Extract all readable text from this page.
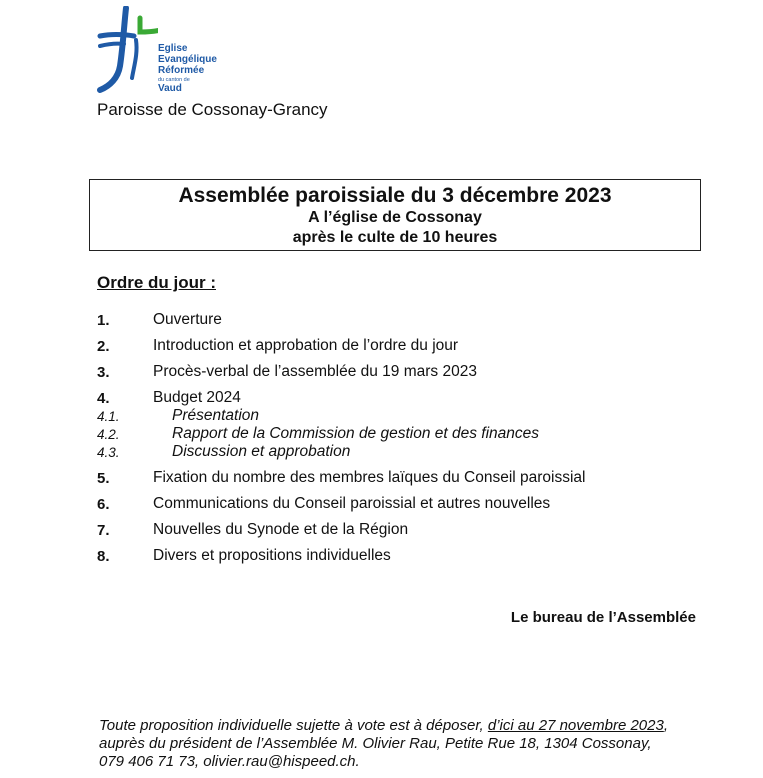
Eglise
Evangélique
Réformée
du canton de
Vaud
Paroisse de Cossonay-Grancy
Assemblée paroissiale du 3 décembre 2023
A l’église de Cossonay
après le culte de 10 heures
Ordre du jour :
1.	Ouverture
2.	Introduction et approbation de l’ordre du jour
3.	Procès-verbal de l’assemblée du 19 mars 2023
4.	Budget 2024
4.1.	Présentation
4.2.	Rapport de la Commission de gestion et des finances
4.3.	Discussion et approbation
5.	Fixation du nombre des membres laïques du Conseil paroissial
6.	Communications du Conseil paroissial et autres nouvelles
7.	Nouvelles du Synode et de la Région
8.	Divers et propositions individuelles
Le bureau de l’Assemblée
Toute proposition individuelle sujette à vote est à déposer, d’ici au 27 novembre 2023,
auprès du président de l’Assemblée M. Olivier Rau, Petite Rue 18, 1304 Cossonay,
079 406 71 73, olivier.rau@hispeed.ch.
